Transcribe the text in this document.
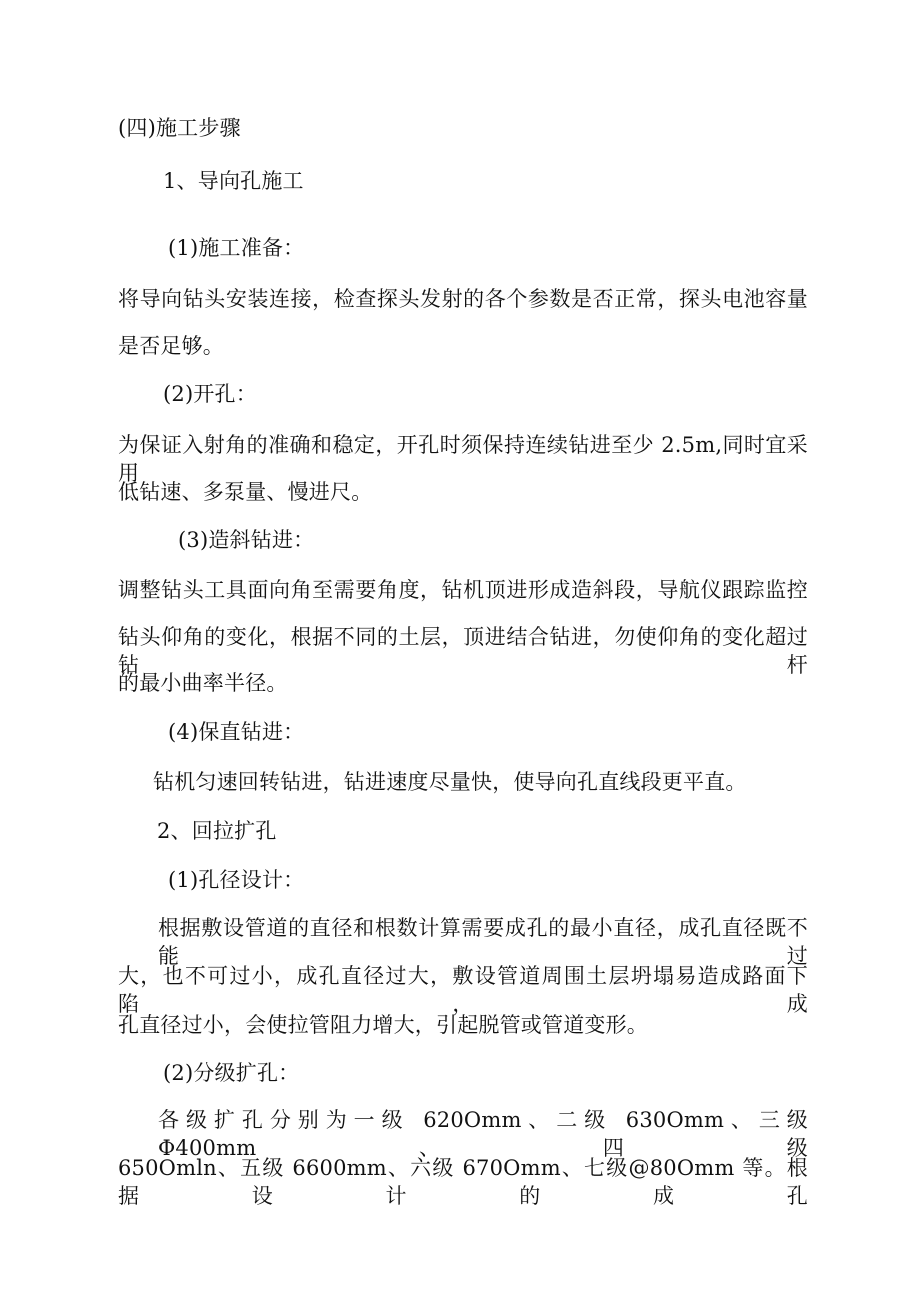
(四)施工步骤
1、导向孔施工
(1)施工准备：
将导向钻头安装连接，检查探头发射的各个参数是否正常，探头电池容量
是否足够。
(2)开孔：
为保证入射角的准确和稳定，开孔时须保持连续钻进至少 2.5m,同时宜采用
低钻速、多泵量、慢进尺。
(3)造斜钻进：
调整钻头工具面向角至需要角度，钻机顶进形成造斜段，导航仪跟踪监控
钻头仰角的变化，根据不同的土层，顶进结合钻进，勿使仰角的变化超过钻杆
的最小曲率半径。
(4)保直钻进：
钻机匀速回转钻进，钻进速度尽量快，使导向孔直线段更平直。
2、回拉扩孔
(1)孔径设计：
根据敷设管道的直径和根数计算需要成孔的最小直径，成孔直径既不能过
大，也不可过小，成孔直径过大，敷设管道周围土层坍塌易造成路面下陷，成
孔直径过小，会使拉管阻力增大，引起脱管或管道变形。
(2)分级扩孔：
各级扩孔分别为一级 620Omm、二级 630Omm、三级 Φ400mm、四级
650Omln、五级 6600mm、六级 670Omm、七级@80Omm 等。根据设计的成孔
